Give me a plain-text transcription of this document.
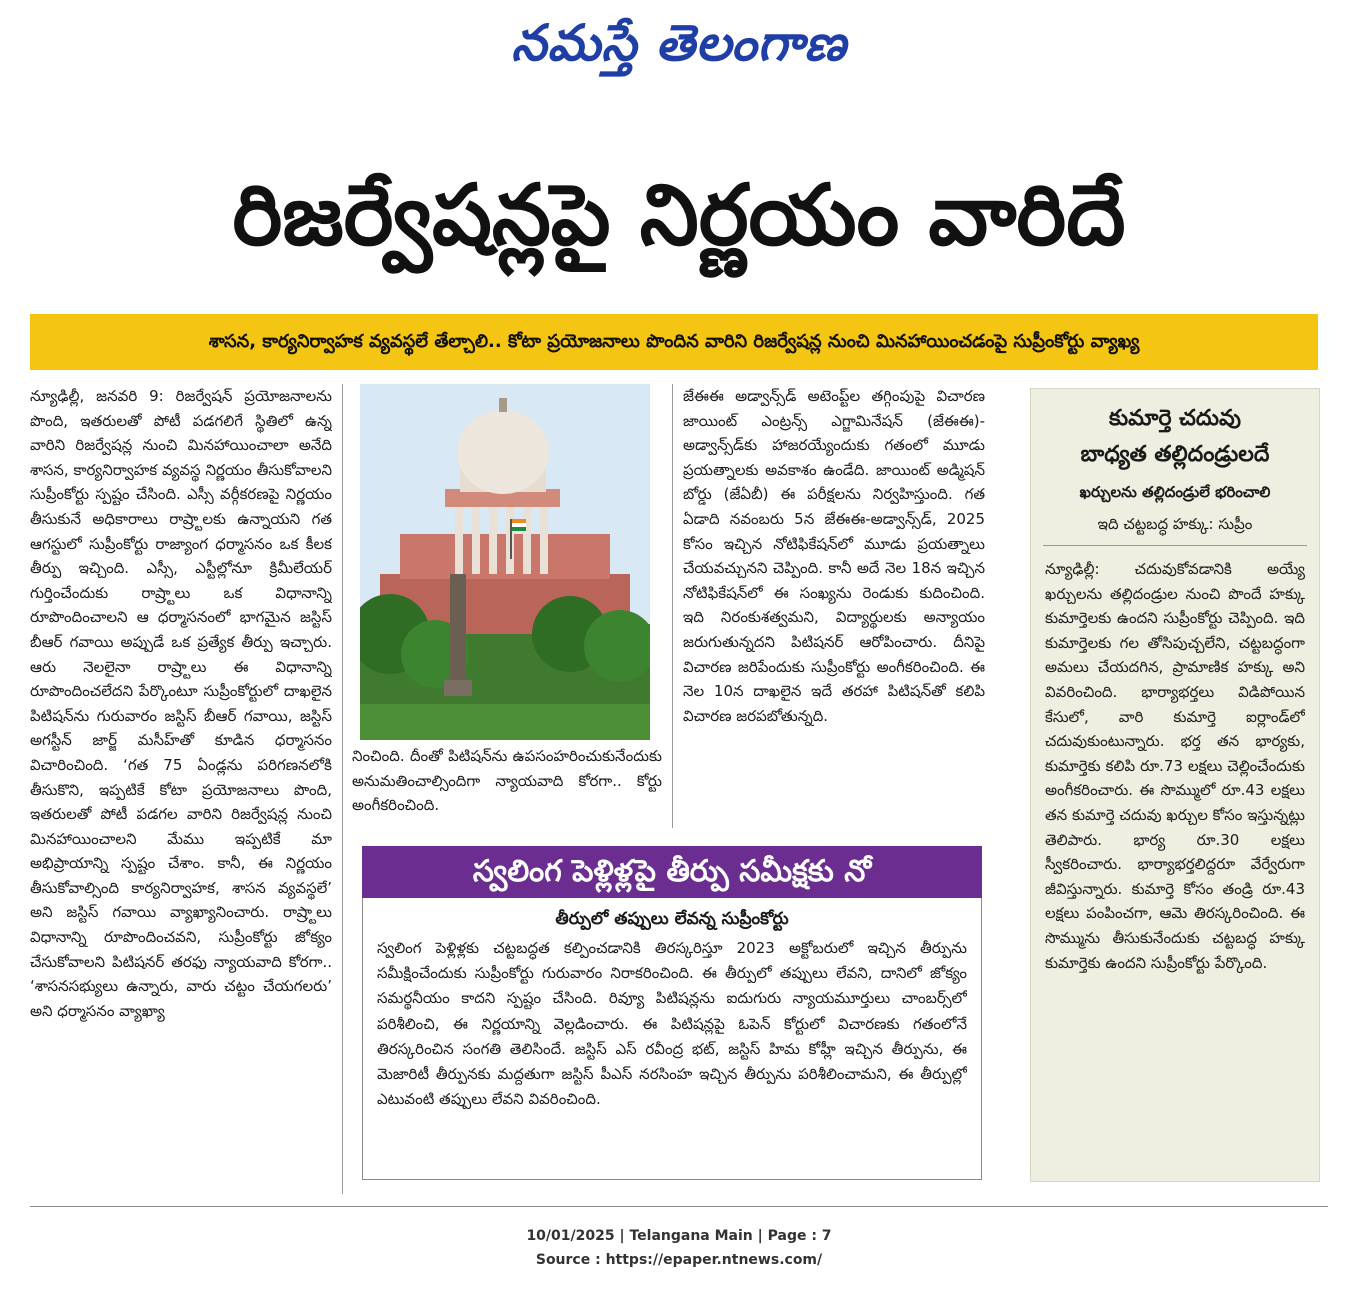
నమస్తే తెలంగాణ
రిజర్వేషన్లపై నిర్ణయం వారిదే
శాసన, కార్యనిర్వాహక వ్యవస్థలే తేల్చాలి.. కోటా ప్రయోజనాలు పొందిన వారిని రిజర్వేషన్ల నుంచి మినహాయించడంపై సుప్రీంకోర్టు వ్యాఖ్య

న్యూఢిల్లీ, జనవరి 9: రిజర్వేషన్‌ ప్రయోజనాలను పొంది, ఇతరులతో పోటీ పడగలిగే స్థితిలో ఉన్న వారిని రిజర్వేషన్ల నుంచి మినహాయించాలా అనేది శాసన, కార్యనిర్వాహక వ్యవస్థ నిర్ణయం తీసుకోవాలని సుప్రీంకోర్టు స్పష్టం చేసింది. ఎస్సీ వర్గీకరణపై నిర్ణయం తీసుకునే అధికారాలు రాష్ర్టాలకు ఉన్నాయని గత ఆగస్టులో సుప్రీంకోర్టు రాజ్యాంగ ధర్మాసనం ఒక కీలక తీర్పు ఇచ్చింది. ఎస్సీ, ఎస్టీల్లోనూ క్రిమీలేయర్‌ గుర్తించేందుకు రాష్ర్టాలు ఒక విధానాన్ని రూపొందించాలని ఆ ధర్మాసనంలో భాగమైన జస్టిస్‌ బీఆర్‌ గవాయి అప్పుడే ఒక ప్రత్యేక తీర్పు ఇచ్చారు. ఆరు నెలలైనా రాష్ర్టాలు ఈ విధానాన్ని రూపొందించలేదని పేర్కొంటూ సుప్రీంకోర్టులో దాఖలైన పిటిషన్‌ను గురువారం జస్టిస్‌ బీఆర్‌ గవాయి, జస్టిస్‌ అగస్టీన్‌ జార్జ్‌ మసీహ్‌తో కూడిన ధర్మాసనం విచారించింది. ‘గత 75 ఏండ్లను పరిగణనలోకి తీసుకొని, ఇప్పటికే కోటా ప్రయోజనాలు పొంది, ఇతరులతో పోటీ పడగల వారిని రిజర్వేషన్ల నుంచి మినహాయించాలని మేము ఇప్పటికే మా అభిప్రాయాన్ని స్పష్టం చేశాం. కానీ, ఈ నిర్ణయం తీసుకోవాల్సింది కార్యనిర్వాహక, శాసన వ్యవస్థలే’ అని జస్టిస్‌ గవాయి వ్యాఖ్యానించారు. రాష్ర్టాలు విధానాన్ని రూపొందించవని, సుప్రీంకోర్టు జోక్యం చేసుకోవాలని పిటిషనర్‌ తరఫు న్యాయవాది కోరగా.. ‘శాసనసభ్యులు ఉన్నారు, వారు చట్టం చేయగలరు’ అని ధర్మాసనం వ్యాఖ్యా

నించింది. దీంతో పిటిషన్‌ను ఉపసంహరించుకునేందుకు అనుమతించాల్సిందిగా న్యాయవాది కోరగా.. కోర్టు అంగీకరించింది.

జేఈఈ అడ్వాన్స్‌డ్‌ అటెంప్ట్‌ల తగ్గింపుపై విచారణ జాయింట్‌ ఎంట్రన్స్‌ ఎగ్జామినేషన్‌ (జేఈఈ)-అడ్వాన్స్‌డ్‌కు హాజరయ్యేందుకు గతంలో మూడు ప్రయత్నాలకు అవకాశం ఉండేది. జాయింట్‌ అడ్మిషన్‌ బోర్డు (జేఏబీ) ఈ పరీక్షలను నిర్వహిస్తుంది. గత ఏడాది నవంబరు 5న జేఈఈ-అడ్వాన్స్‌డ్‌, 2025 కోసం ఇచ్చిన నోటిఫికేషన్‌లో మూడు ప్రయత్నాలు చేయవచ్చునని చెప్పింది. కానీ అదే నెల 18న ఇచ్చిన నోటిఫికేషన్‌లో ఈ సంఖ్యను రెండుకు కుదించింది. ఇది నిరంకుశత్వమని, విద్యార్థులకు అన్యాయం జరుగుతున్నదని పిటిషనర్‌ ఆరోపించారు. దీనిపై విచారణ జరిపేందుకు సుప్రీంకోర్టు అంగీకరించింది. ఈ నెల 10న దాఖలైన ఇదే తరహా పిటిషన్‌తో కలిపి విచారణ జరపబోతున్నది.

కుమార్తె చదువు
బాధ్యత తల్లిదండ్రులదే
ఖర్చులను తల్లిదండ్రులే భరించాలి
ఇది చట్టబద్ధ హక్కు: సుప్రీం
న్యూఢిల్లీ: చదువుకోవడానికి అయ్యే ఖర్చులను తల్లిదండ్రుల నుంచి పొందే హక్కు కుమార్తెలకు ఉందని సుప్రీంకోర్టు చెప్పింది. ఇది కుమార్తెలకు గల తోసిపుచ్చలేని, చట్టబద్ధంగా అమలు చేయదగిన, ప్రామాణిక హక్కు అని వివరించింది. భార్యాభర్తలు విడిపోయిన కేసులో, వారి కుమార్తె ఐర్లాండ్‌లో చదువుకుంటున్నారు. భర్త తన భార్యకు, కుమార్తెకు కలిపి రూ.73 లక్షలు చెల్లించేందుకు అంగీకరించారు. ఈ సొమ్ములో రూ.43 లక్షలు తన కుమార్తె చదువు ఖర్చుల కోసం ఇస్తున్నట్లు తెలిపారు. భార్య రూ.30 లక్షలు స్వీకరించారు. భార్యాభర్తలిద్దరూ వేర్వేరుగా జీవిస్తున్నారు. కుమార్తె కోసం తండ్రి రూ.43 లక్షలు పంపించగా, ఆమె తిరస్కరించింది. ఈ సొమ్మును తీసుకునేందుకు చట్టబద్ధ హక్కు కుమార్తెకు ఉందని సుప్రీంకోర్టు పేర్కొంది.
స్వలింగ పెళ్లిళ్లపై తీర్పు సమీక్షకు నో
తీర్పులో తప్పులు లేవన్న సుప్రీంకోర్టు
స్వలింగ పెళ్లిళ్లకు చట్టబద్ధత కల్పించడానికి తిరస్కరిస్తూ 2023 అక్టోబరులో ఇచ్చిన తీర్పును సమీక్షించేందుకు సుప్రీంకోర్టు గురువారం నిరాకరించింది. ఈ తీర్పులో తప్పులు లేవని, దానిలో జోక్యం సమర్థనీయం కాదని స్పష్టం చేసింది. రివ్యూ పిటిషన్లను ఐదుగురు న్యాయమూర్తులు చాంబర్స్‌లో పరిశీలించి, ఈ నిర్ణయాన్ని వెల్లడించారు. ఈ పిటిషన్లపై ఓపెన్‌ కోర్టులో విచారణకు గతంలోనే తిరస్కరించిన సంగతి తెలిసిందే. జస్టిస్‌ ఎస్‌ రవీంద్ర భట్‌, జస్టిస్‌ హిమ కోహ్లీ ఇచ్చిన తీర్పును, ఈ మెజారిటీ తీర్పునకు మద్దతుగా జస్టిస్‌ పీఎస్‌ నరసింహ ఇచ్చిన తీర్పును పరిశీలించామని, ఈ తీర్పుల్లో ఎటువంటి తప్పులు లేవని వివరించింది.
10/01/2025 | Telangana Main | Page : 7
Source : https://epaper.ntnews.com/
